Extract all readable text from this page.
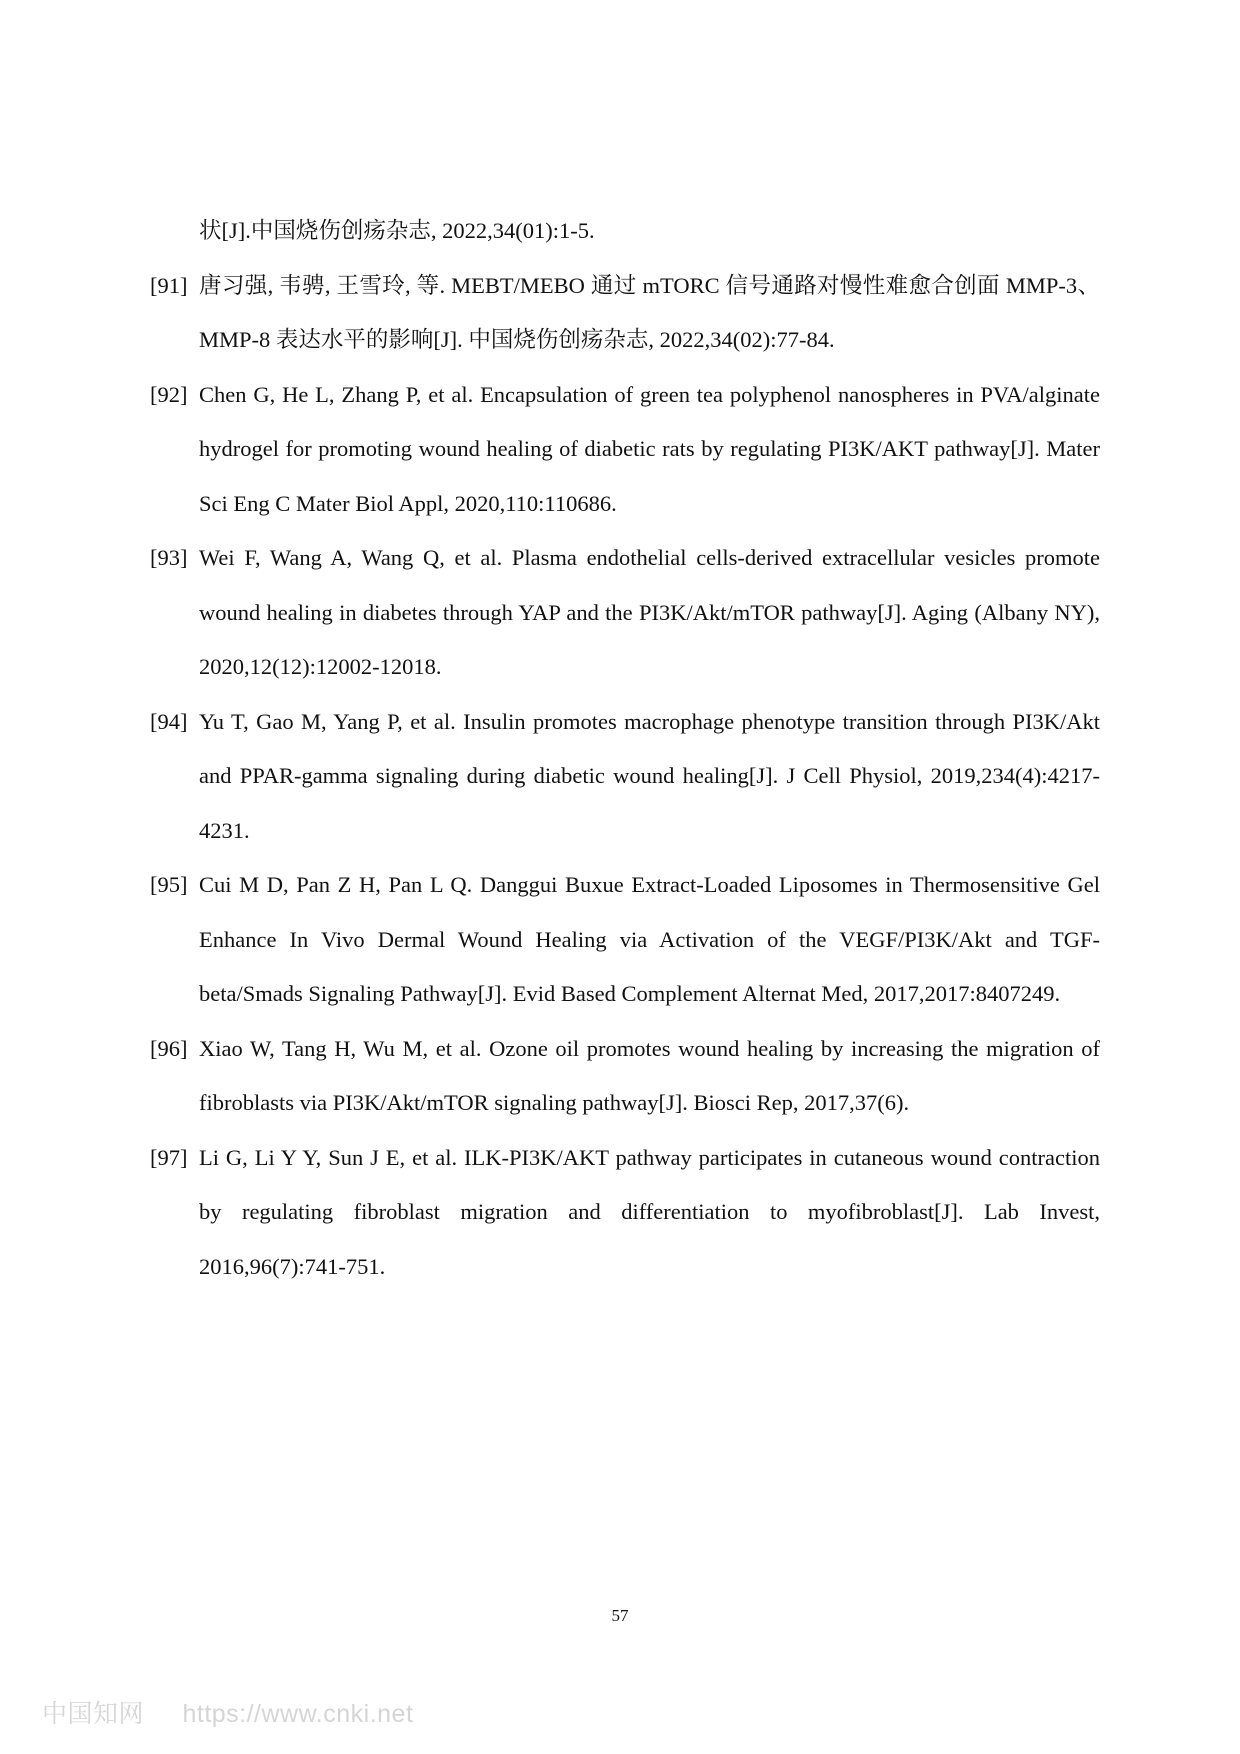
状[J].中国烧伤创疡杂志, 2022,34(01):1-5.
[91] 唐习强, 韦骋, 王雪玲, 等. MEBT/MEBO 通过 mTORC 信号通路对慢性难愈合创面 MMP-3、MMP-8 表达水平的影响[J]. 中国烧伤创疡杂志, 2022,34(02):77-84.
[92] Chen G, He L, Zhang P, et al. Encapsulation of green tea polyphenol nanospheres in PVA/alginate hydrogel for promoting wound healing of diabetic rats by regulating PI3K/AKT pathway[J]. Mater Sci Eng C Mater Biol Appl, 2020,110:110686.
[93] Wei F, Wang A, Wang Q, et al. Plasma endothelial cells-derived extracellular vesicles promote wound healing in diabetes through YAP and the PI3K/Akt/mTOR pathway[J]. Aging (Albany NY), 2020,12(12):12002-12018.
[94] Yu T, Gao M, Yang P, et al. Insulin promotes macrophage phenotype transition through PI3K/Akt and PPAR-gamma signaling during diabetic wound healing[J]. J Cell Physiol, 2019,234(4):4217-4231.
[95] Cui M D, Pan Z H, Pan L Q. Danggui Buxue Extract-Loaded Liposomes in Thermosensitive Gel Enhance In Vivo Dermal Wound Healing via Activation of the VEGF/PI3K/Akt and TGF-beta/Smads Signaling Pathway[J]. Evid Based Complement Alternat Med, 2017,2017:8407249.
[96] Xiao W, Tang H, Wu M, et al. Ozone oil promotes wound healing by increasing the migration of fibroblasts via PI3K/Akt/mTOR signaling pathway[J]. Biosci Rep, 2017,37(6).
[97] Li G, Li Y Y, Sun J E, et al. ILK-PI3K/AKT pathway participates in cutaneous wound contraction by regulating fibroblast migration and differentiation to myofibroblast[J]. Lab Invest, 2016,96(7):741-751.
57
中国知网 https://www.cnki.net
